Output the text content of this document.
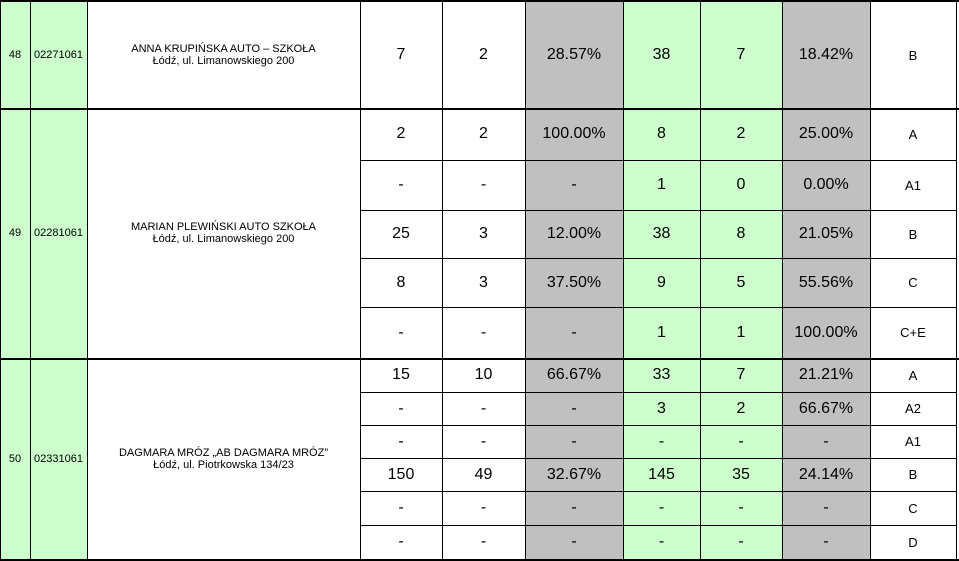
48	02271061	ANNA KRUPIŃSKA AUTO – SZKOŁA
Łódź, ul. Limanowskiego 200	7	2	28.57%	38	7	18.42%	B
49	02281061	MARIAN PLEWIŃSKI AUTO SZKOŁA
Łódź, ul. Limanowskiego 200
2	2	100.00%	8	2	25.00%	A
-	-	-	1	0	0.00%	A1
25	3	12.00%	38	8	21.05%	B
8	3	37.50%	9	5	55.56%	C
-	-	-	1	1	100.00%	C+E
50	02331061	DAGMARA MRÓZ „AB DAGMARA MRÓZ”
Łódź, ul. Piotrkowska 134/23
15	10	66.67%	33	7	21.21%	A
-	-	-	3	2	66.67%	A2
-	-	-	-	-	-	A1
150	49	32.67%	145	35	24.14%	B
-	-	-	-	-	-	C
-	-	-	-	-	-	D
